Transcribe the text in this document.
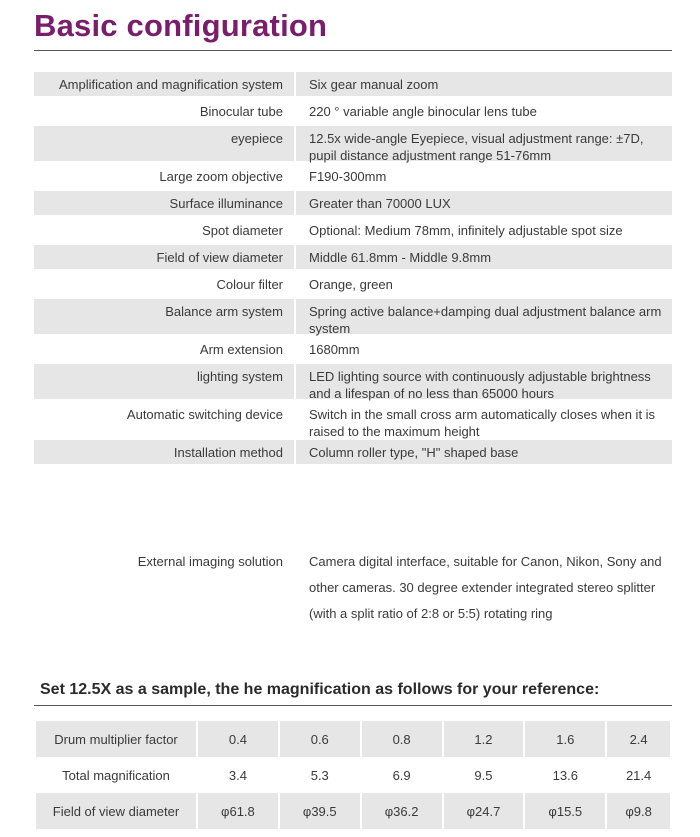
Basic configuration
Amplification and magnification system	Six gear manual zoom
Binocular tube	220 ° variable angle binocular lens tube
eyepiece	12.5x wide-angle Eyepiece, visual adjustment range: ±7D, pupil distance adjustment range 51-76mm
Large zoom objective	F190-300mm
Surface illuminance	Greater than 70000 LUX
Spot diameter	Optional: Medium 78mm, infinitely adjustable spot size
Field of view diameter	Middle 61.8mm - Middle 9.8mm
Colour filter	Orange, green
Balance arm system	Spring active balance+damping dual adjustment balance arm system
Arm extension	1680mm
lighting system	LED lighting source with continuously adjustable brightness and a lifespan of no less than 65000 hours
Automatic switching device	Switch in the small cross arm automatically closes when it is raised to the maximum height
Installation method	Column roller type, "H" shaped base
External imaging solution	Camera digital interface, suitable for Canon, Nikon, Sony and other cameras. 30 degree extender integrated stereo splitter (with a split ratio of 2:8 or 5:5) rotating ring
Set 12.5X as a sample, the he magnification as follows for your reference:
Drum multiplier factor	0.4	0.6	0.8	1.2	1.6	2.4
Total magnification	3.4	5.3	6.9	9.5	13.6	21.4
Field of view diameter	φ61.8	φ39.5	φ36.2	φ24.7	φ15.5	φ9.8
